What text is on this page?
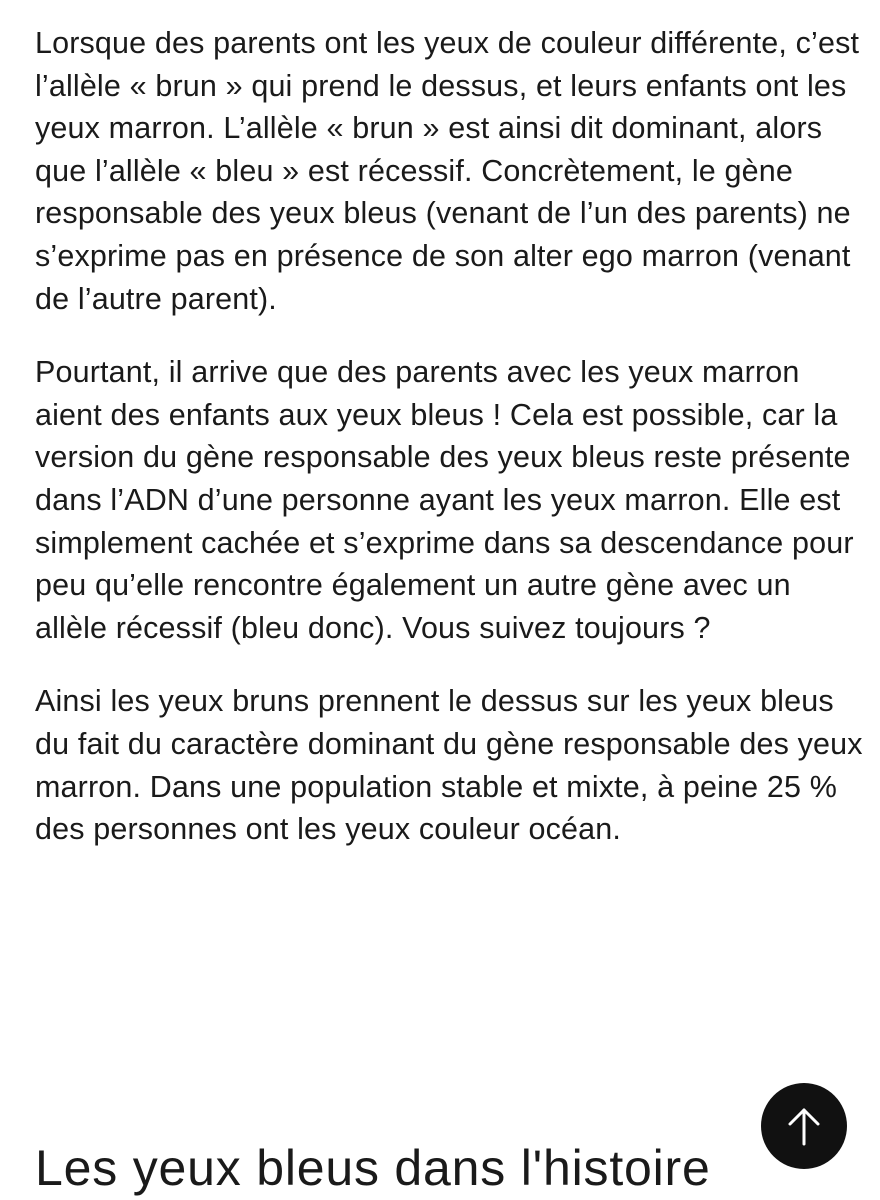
Lorsque des parents ont les yeux de couleur différente, c’est l’allèle « brun » qui prend le dessus, et leurs enfants ont les yeux marron. L’allèle « brun » est ainsi dit dominant, alors que l’allèle « bleu » est récessif. Concrètement, le gène responsable des yeux bleus (venant de l’un des parents) ne s’exprime pas en présence de son alter ego marron (venant de l’autre parent).

Pourtant, il arrive que des parents avec les yeux marron aient des enfants aux yeux bleus ! Cela est possible, car la version du gène responsable des yeux bleus reste présente dans l’ADN d’une personne ayant les yeux marron. Elle est simplement cachée et s’exprime dans sa descendance pour peu qu’elle rencontre également un autre gène avec un allèle récessif (bleu donc). Vous suivez toujours ?

Ainsi les yeux bruns prennent le dessus sur les yeux bleus du fait du caractère dominant du gène responsable des yeux marron. Dans une population stable et mixte, à peine 25 % des personnes ont les yeux couleur océan.

Les yeux bleus dans l'histoire
